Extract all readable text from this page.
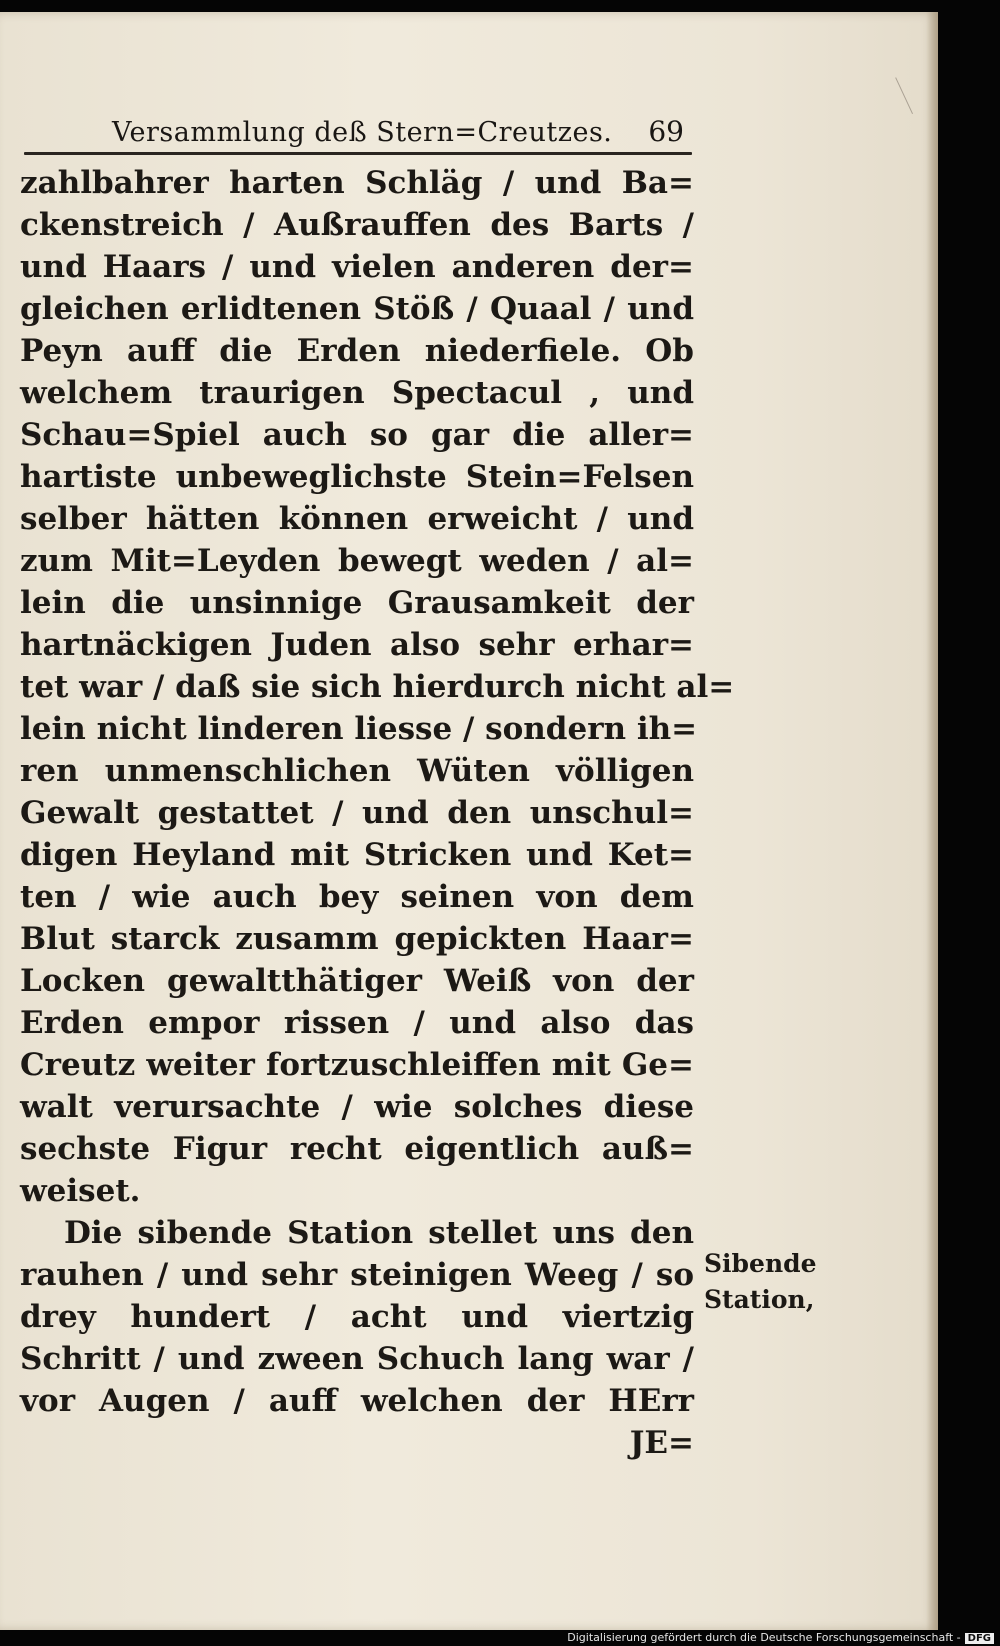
Versammlung deß Stern=Creutzes. 69
zahlbahrer harten Schläg / und Ba=
ckenstreich / Außrauffen des Barts /
und Haars / und vielen anderen der=
gleichen erlidtenen Stöß / Quaal / und
Peyn auff die Erden niederfiele. Ob
welchem traurigen Spectacul , und
Schau=Spiel auch so gar die aller=
hartiste unbeweglichste Stein=Felsen
selber hätten können erweicht / und
zum Mit=Leyden bewegt weden / al=
lein die unsinnige Grausamkeit der
hartnäckigen Juden also sehr erhar=
tet war / daß sie sich hierdurch nicht al=
lein nicht linderen liesse / sondern ih=
ren unmenschlichen Wüten völligen
Gewalt gestattet / und den unschul=
digen Heyland mit Stricken und Ket=
ten / wie auch bey seinen von dem
Blut starck zusamm gepickten Haar=
Locken gewaltthätiger Weiß von der
Erden empor rissen / und also das
Creutz weiter fortzuschleiffen mit Ge=
walt verursachte / wie solches diese
sechste Figur recht eigentlich auß=
weiset.
Die sibende Station stellet uns den
rauhen / und sehr steinigen Weeg / so
drey hundert / acht und viertzig
Schritt / und zween Schuch lang war /
vor Augen / auff welchen der HErr
JE=
Sibende
Station,
Digitalisierung gefördert durch die Deutsche Forschungsgemeinschaft - DFG
